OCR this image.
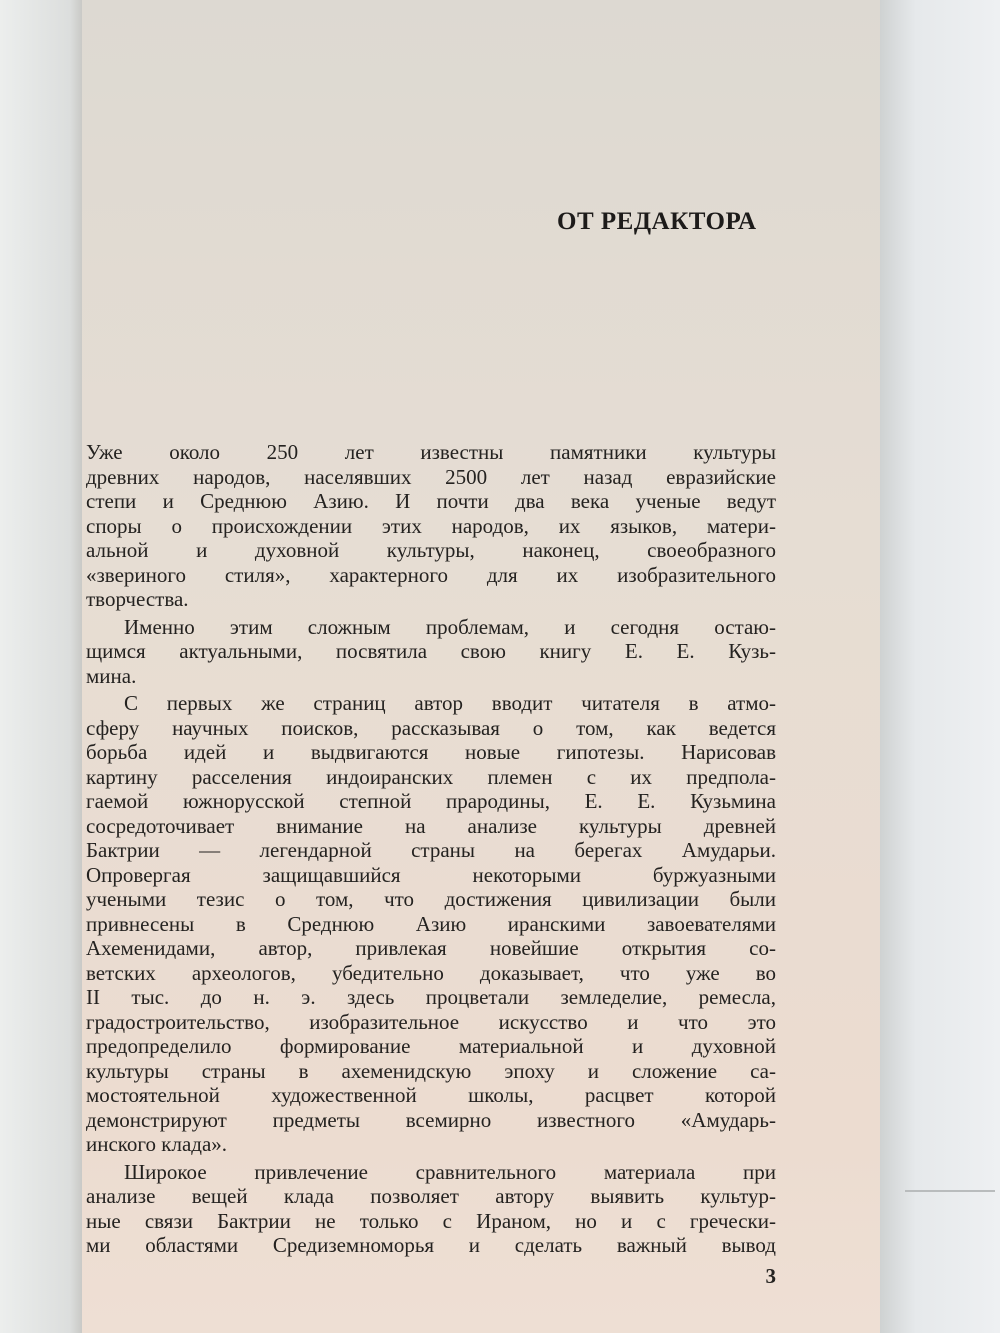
ОТ РЕДАКТОРА
Уже около 250 лет известны памятники культуры
древних народов, населявших 2500 лет назад евразийские
степи и Среднюю Азию. И почти два века ученые ведут
споры о происхождении этих народов, их языков, матери-
альной и духовной культуры, наконец, своеобразного
«звериного стиля», характерного для их изобразительного
творчества.
Именно этим сложным проблемам, и сегодня остаю-
щимся актуальными, посвятила свою книгу Е. Е. Кузь-
мина.
С первых же страниц автор вводит читателя в атмо-
сферу научных поисков, рассказывая о том, как ведется
борьба идей и выдвигаются новые гипотезы. Нарисовав
картину расселения индоиранских племен с их предпола-
гаемой южнорусской степной прародины, Е. Е. Кузьмина
сосредоточивает внимание на анализе культуры древней
Бактрии — легендарной страны на берегах Амударьи.
Опровергая защищавшийся некоторыми буржуазными
учеными тезис о том, что достижения цивилизации были
привнесены в Среднюю Азию иранскими завоевателями
Ахеменидами, автор, привлекая новейшие открытия со-
ветских археологов, убедительно доказывает, что уже во
II тыс. до н. э. здесь процветали земледелие, ремесла,
градостроительство, изобразительное искусство и что это
предопределило формирование материальной и духовной
культуры страны в ахеменидскую эпоху и сложение са-
мостоятельной художественной школы, расцвет которой
демонстрируют предметы всемирно известного «Амударь-
инского клада».
Широкое привлечение сравнительного материала при
анализе вещей клада позволяет автору выявить культур-
ные связи Бактрии не только с Ираном, но и с гречески-
ми областями Средиземноморья и сделать важный вывод
3
